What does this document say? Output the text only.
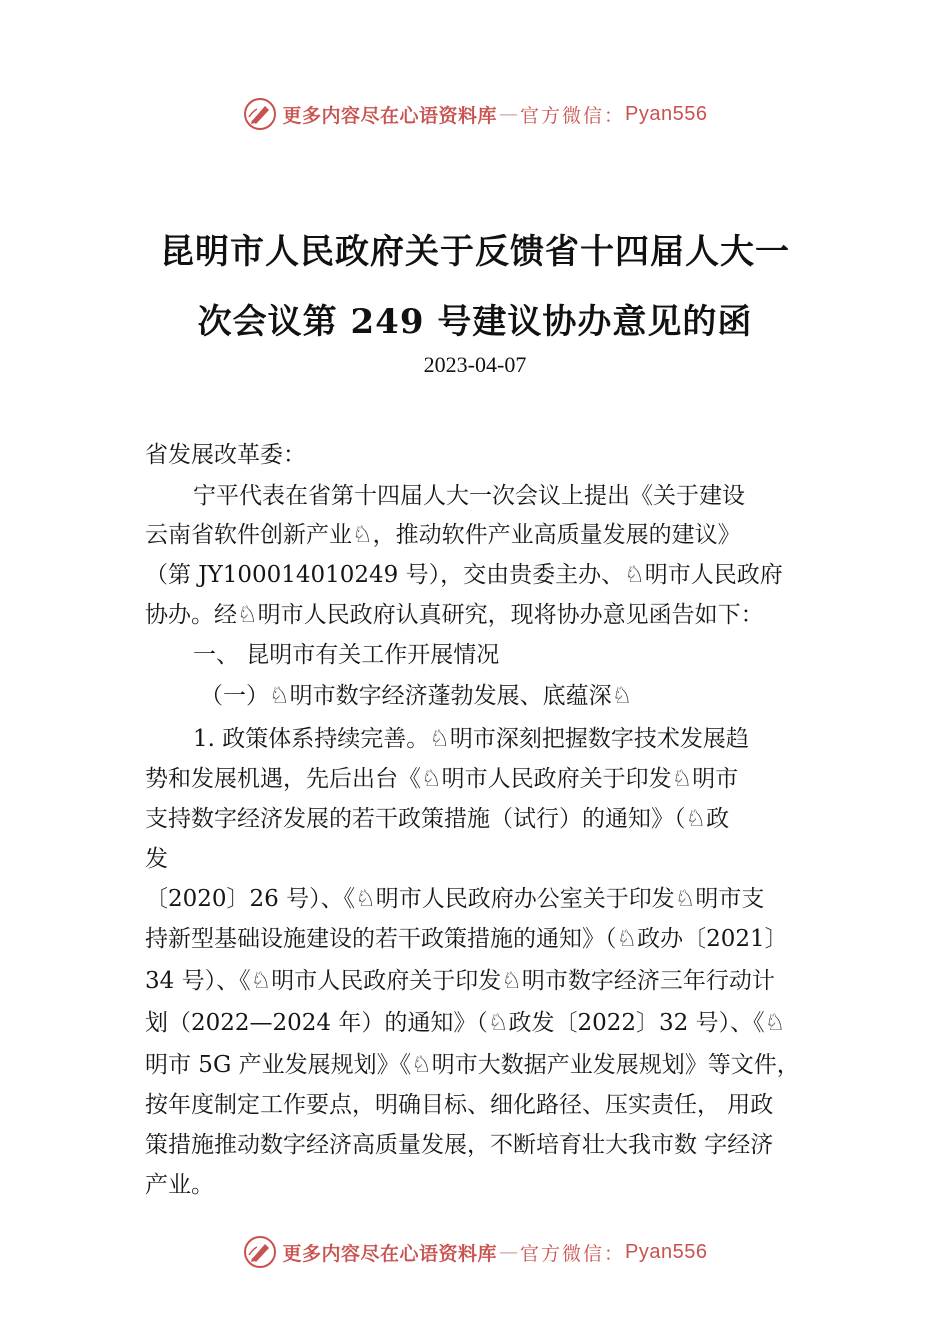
更多内容尽在心语资料库 — 官方微信： Pyan556
昆明市人民政府关于反馈省十四届人大一
次会议第 249 号建议协办意见的函
2023-04-07
省发展改革委：
宁平代表在省第十四届人大一次会议上提出《关于建设
云南省软件创新产业♘，推动软件产业高质量发展的建议》
（第 JY100014010249 号），交由贵委主办、♘明市人民政府
协办。经♘明市人民政府认真研究，现将协办意见函告如下：
一、 昆明市有关工作开展情况
（一）♘明市数字经济蓬勃发展、底蕴深♘
1. 政策体系持续完善。♘明市深刻把握数字技术发展趋
势和发展机遇，先后出台《♘明市人民政府关于印发♘明市
支持数字经济发展的若干政策措施（试行）的通知》（♘政
发
〔2020〕26 号）、《♘明市人民政府办公室关于印发♘明市支
持新型基础设施建设的若干政策措施的通知》（♘政办〔2021〕
34 号）、《♘明市人民政府关于印发♘明市数字经济三年行动计
划（2022—2024 年）的通知》（♘政发〔2022〕32 号）、《♘
明市 5G 产业发展规划》《♘明市大数据产业发展规划》等文件，
按年度制定工作要点，明确目标、细化路径、压实责任， 用政
策措施推动数字经济高质量发展，不断培育壮大我市数 字经济
产业。
更多内容尽在心语资料库 — 官方微信： Pyan556
